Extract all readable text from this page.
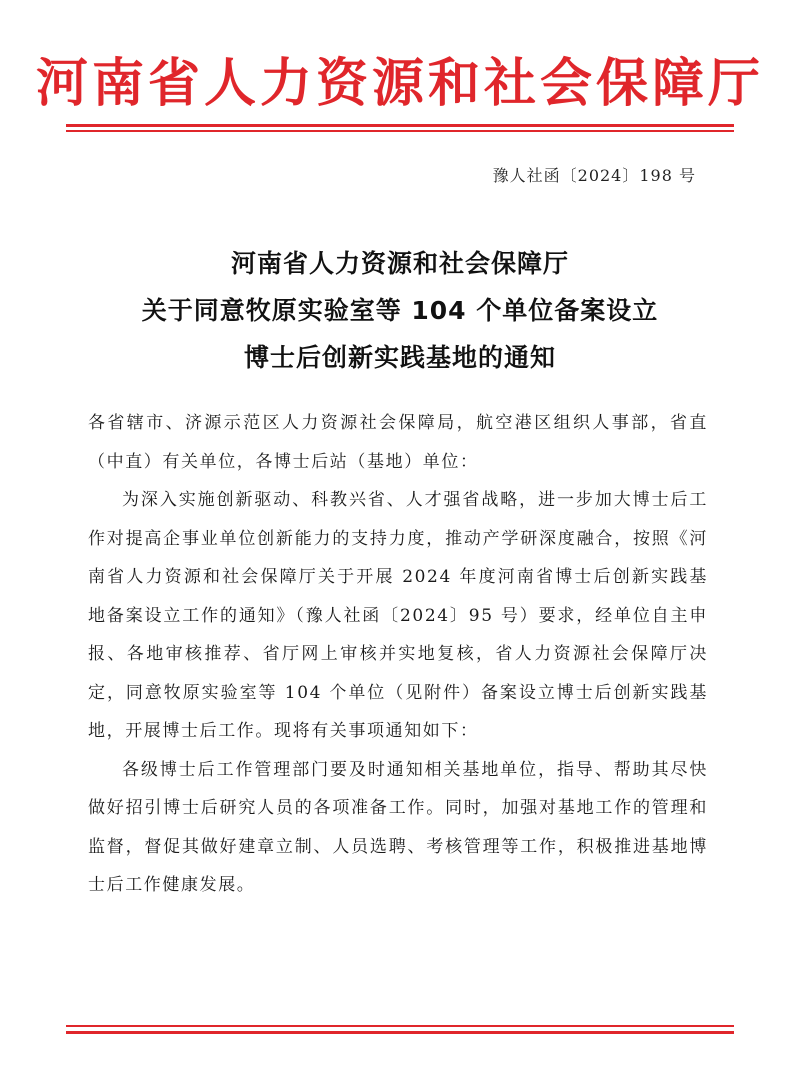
河南省人力资源和社会保障厅
豫人社函〔2024〕198 号
河南省人力资源和社会保障厅
关于同意牧原实验室等 104 个单位备案设立
博士后创新实践基地的通知

各省辖市、济源示范区人力资源社会保障局，航空港区组织人事部，省直（中直）有关单位，各博士后站（基地）单位：

为深入实施创新驱动、科教兴省、人才强省战略，进一步加大博士后工作对提高企事业单位创新能力的支持力度，推动产学研深度融合，按照《河南省人力资源和社会保障厅关于开展 2024 年度河南省博士后创新实践基地备案设立工作的通知》（豫人社函〔2024〕95 号）要求，经单位自主申报、各地审核推荐、省厅网上审核并实地复核，省人力资源社会保障厅决定，同意牧原实验室等 104 个单位（见附件）备案设立博士后创新实践基地，开展博士后工作。现将有关事项通知如下：

各级博士后工作管理部门要及时通知相关基地单位，指导、帮助其尽快做好招引博士后研究人员的各项准备工作。同时，加强对基地工作的管理和监督，督促其做好建章立制、人员选聘、考核管理等工作，积极推进基地博士后工作健康发展。
